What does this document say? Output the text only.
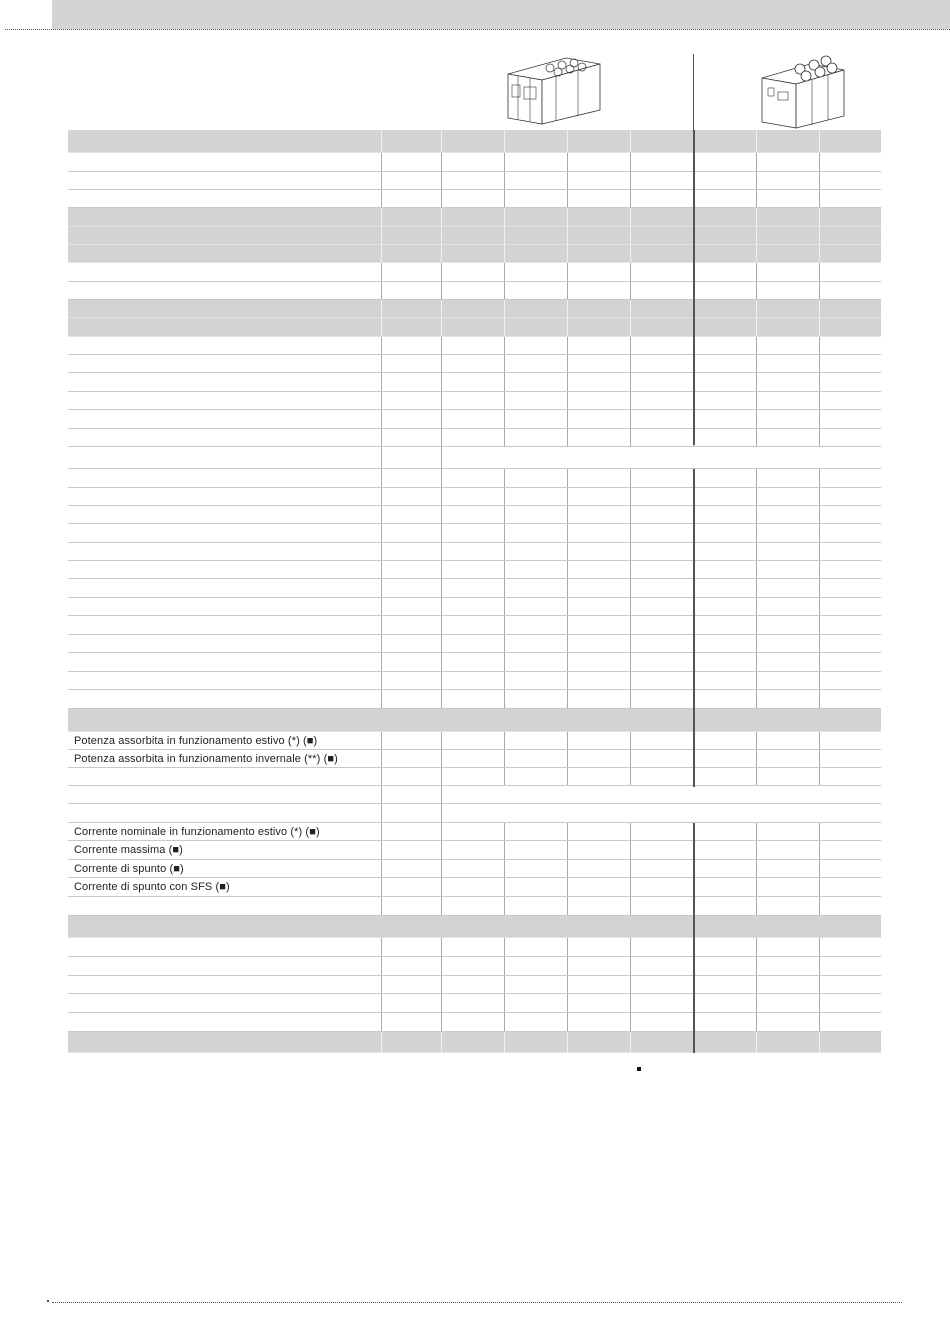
Potenza assorbita in funzionamento estivo (*) (■)
Potenza assorbita in funzionamento invernale (**) (■)
Corrente nominale in funzionamento estivo (*) (■)
Corrente massima (■)
Corrente di spunto (■)
Corrente di spunto con SFS (■)
